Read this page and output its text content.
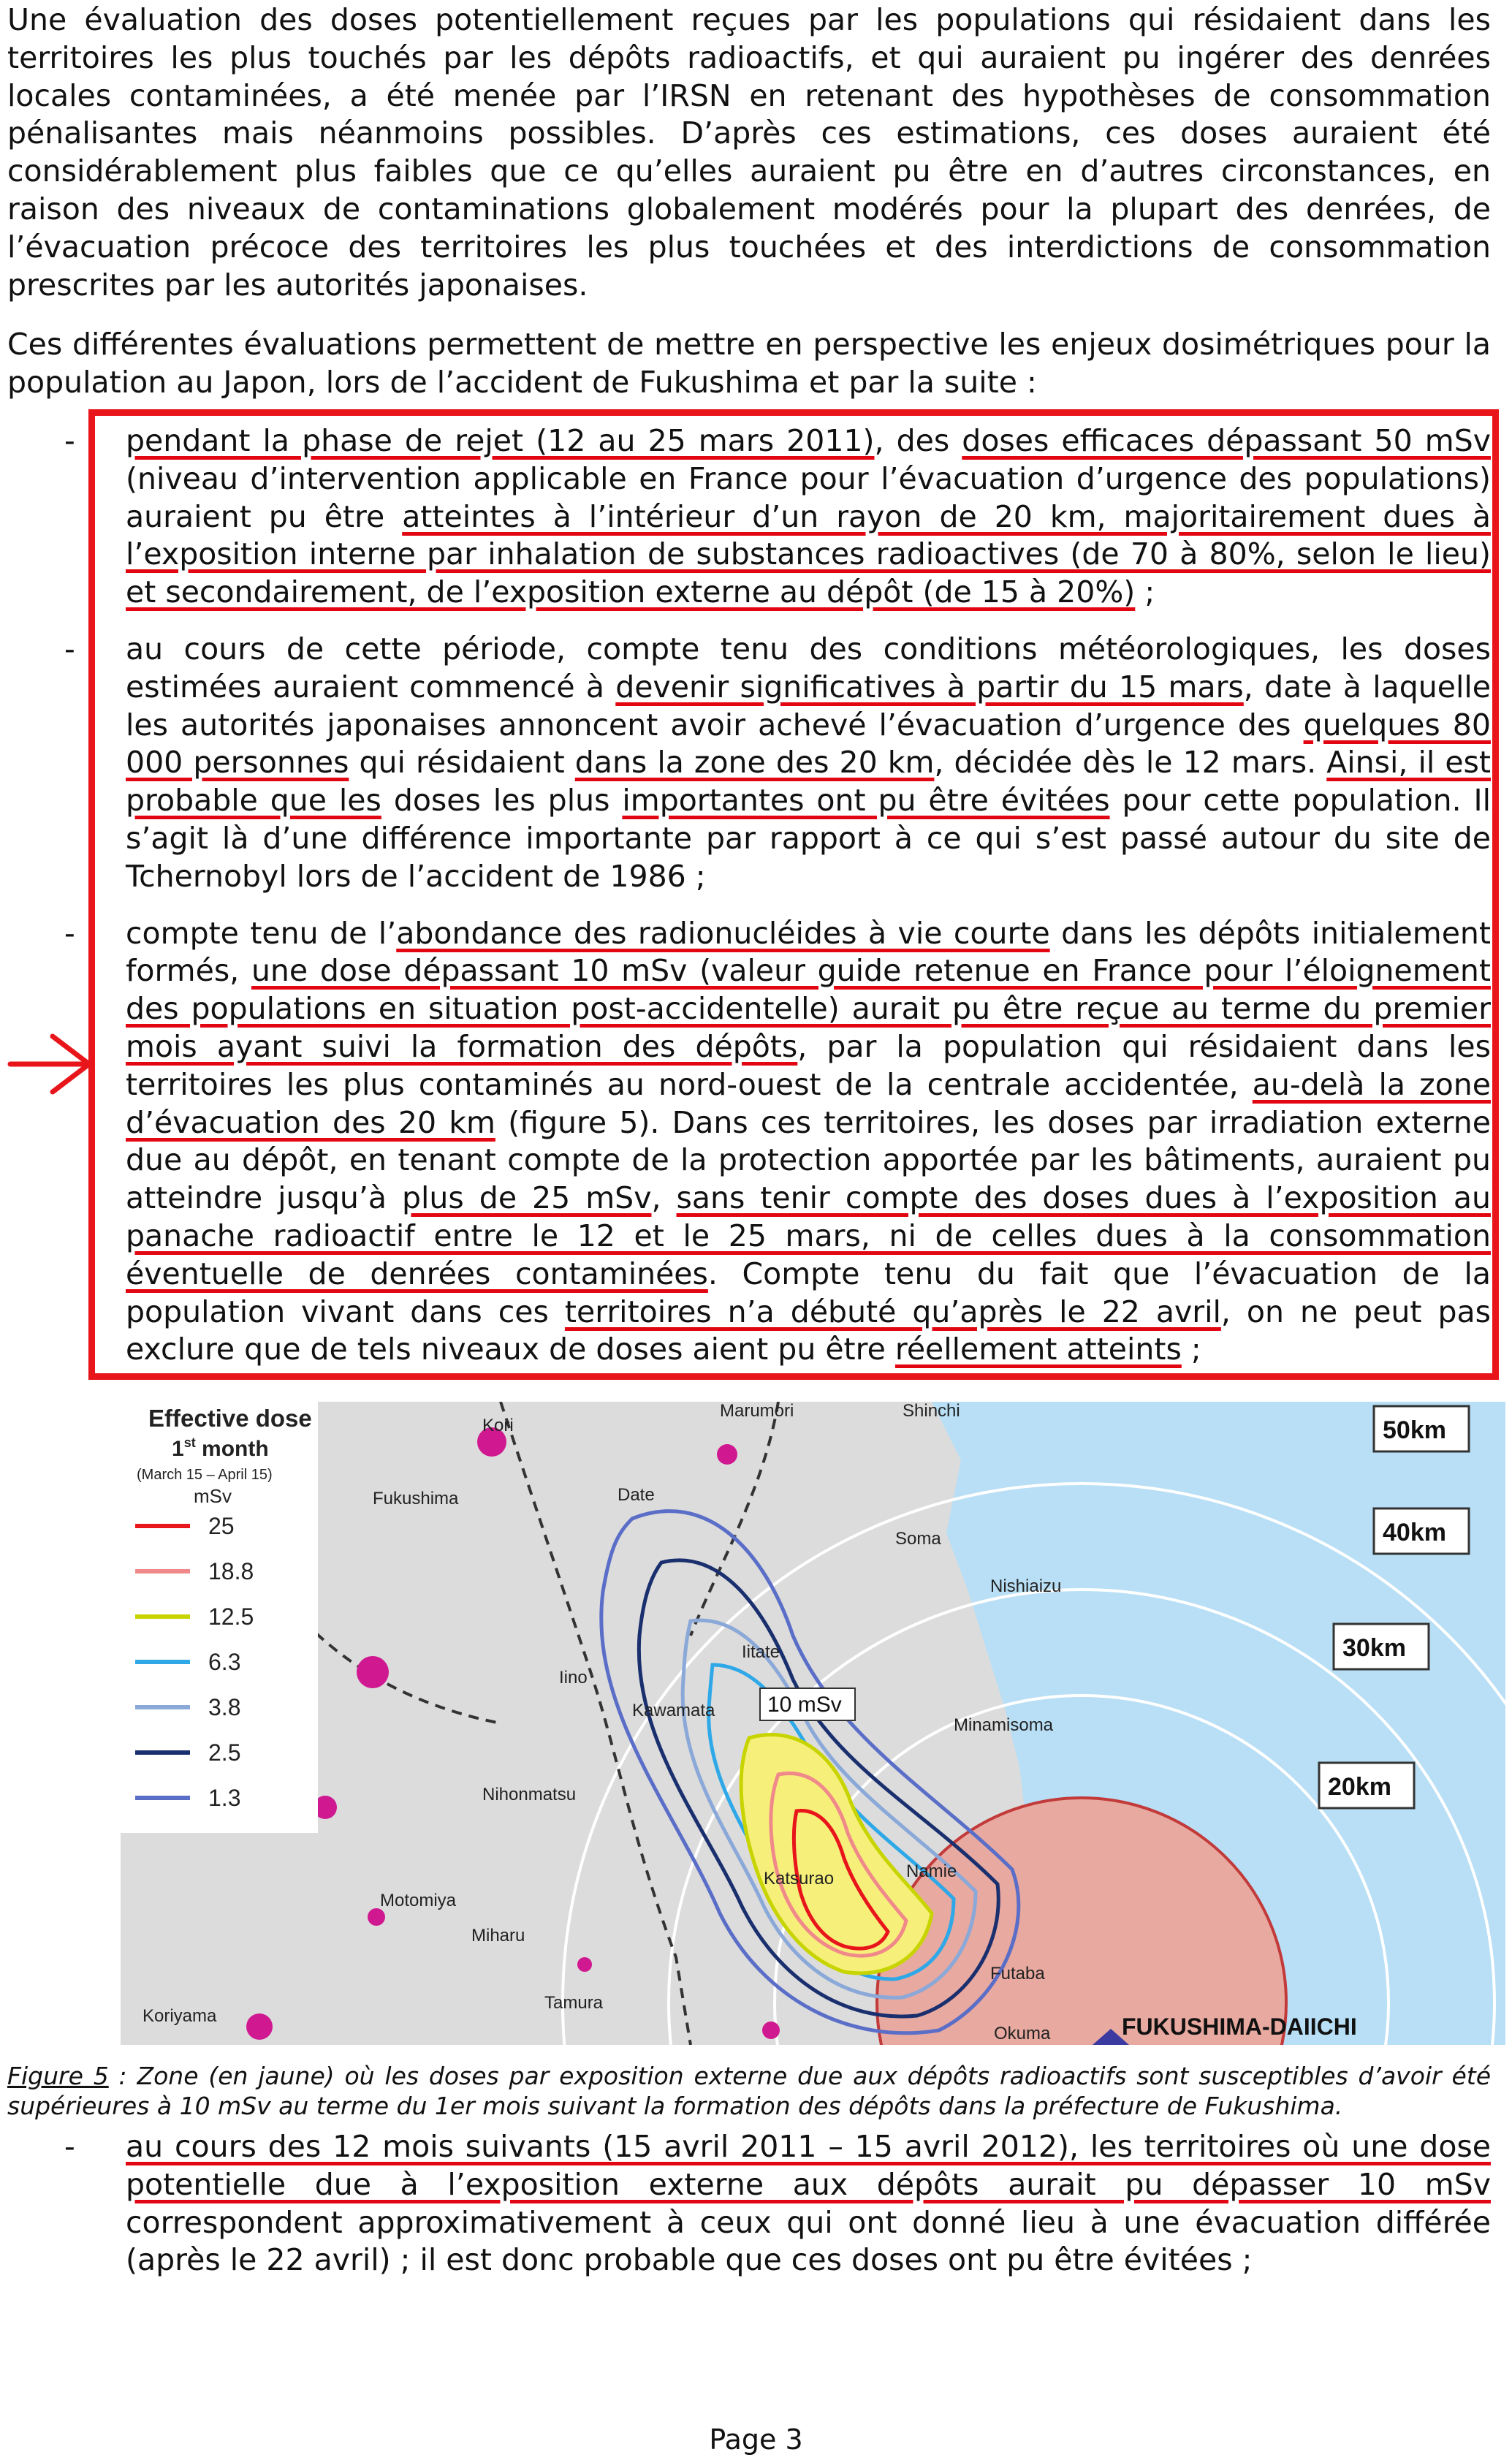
Une évaluation des doses potentiellement reçues par les populations qui résidaient dans les territoires les plus touchés par les dépôts radioactifs, et qui auraient pu ingérer des denrées locales contaminées, a été menée par l’IRSN en retenant des hypothèses de consommation pénalisantes mais néanmoins possibles. D’après ces estimations, ces doses auraient été considérablement plus faibles que ce qu’elles auraient pu être en d’autres circonstances, en raison des niveaux de contaminations globalement modérés pour la plupart des denrées, de l’évacuation précoce des territoires les plus touchées et des interdictions de consommation prescrites par les autorités japonaises.

Ces différentes évaluations permettent de mettre en perspective les enjeux dosimétriques pour la population au Japon, lors de l’accident de Fukushima et par la suite :

- pendant la phase de rejet (12 au 25 mars 2011), des doses efficaces dépassant 50 mSv (niveau d’intervention applicable en France pour l’évacuation d’urgence des populations) auraient pu être atteintes à l’intérieur d’un rayon de 20 km, majoritairement dues à l’exposition interne par inhalation de substances radioactives (de 70 à 80%, selon le lieu) et secondairement, de l’exposition externe au dépôt (de 15 à 20%) ;
- au cours de cette période, compte tenu des conditions météorologiques, les doses estimées auraient commencé à devenir significatives à partir du 15 mars, date à laquelle les autorités japonaises annoncent avoir achevé l’évacuation d’urgence des quelques 80 000 personnes qui résidaient dans la zone des 20 km, décidée dès le 12 mars. Ainsi, il est probable que les doses les plus importantes ont pu être évitées pour cette population. Il s’agit là d’une différence importante par rapport à ce qui s’est passé autour du site de Tchernobyl lors de l’accident de 1986 ;
- compte tenu de l’abondance des radionucléides à vie courte dans les dépôts initialement formés, une dose dépassant 10 mSv (valeur guide retenue en France pour l’éloignement des populations en situation post-accidentelle) aurait pu être reçue au terme du premier mois ayant suivi la formation des dépôts, par la population qui résidaient dans les territoires les plus contaminés au nord-ouest de la centrale accidentée, au-delà la zone d’évacuation des 20 km (figure 5). Dans ces territoires, les doses par irradiation externe due au dépôt, en tenant compte de la protection apportée par les bâtiments, auraient pu atteindre jusqu’à plus de 25 mSv, sans tenir compte des doses dues à l’exposition au panache radioactif entre le 12 et le 25 mars, ni de celles dues à la consommation éventuelle de denrées contaminées. Compte tenu du fait que l’évacuation de la population vivant dans ces territoires n’a débuté qu’après le 22 avril, on ne peut pas exclure que de tels niveaux de doses aient pu être réellement atteints ;
FUKUSHIMA-DAIICHI
50km
40km
30km
20km
10 mSv
Marumori	Shinchi
Kori
Date
Fukushima
Soma
Nishiaizu
Iino
Iitate
Kawamata
Minamisoma
Nihonmatsu
Katsurao	Namie
Motomiya
Miharu
Futaba
Okuma
Koriyama
Tamura
Effective dose
1st month
(March 15 – April 15)
mSv
25
18.8
12.5
6.3
3.8
2.5
1.3

Figure 5 : Zone (en jaune) où les doses par exposition externe due aux dépôts radioactifs sont susceptibles d’avoir été supérieures à 10 mSv au terme du 1er mois suivant la formation des dépôts dans la préfecture de Fukushima.

- au cours des 12 mois suivants (15 avril 2011 – 15 avril 2012), les territoires où une dose potentielle due à l’exposition externe aux dépôts aurait pu dépasser 10 mSv correspondent approximativement à ceux qui ont donné lieu à une évacuation différée (après le 22 avril) ; il est donc probable que ces doses ont pu être évitées ;
Page 3
